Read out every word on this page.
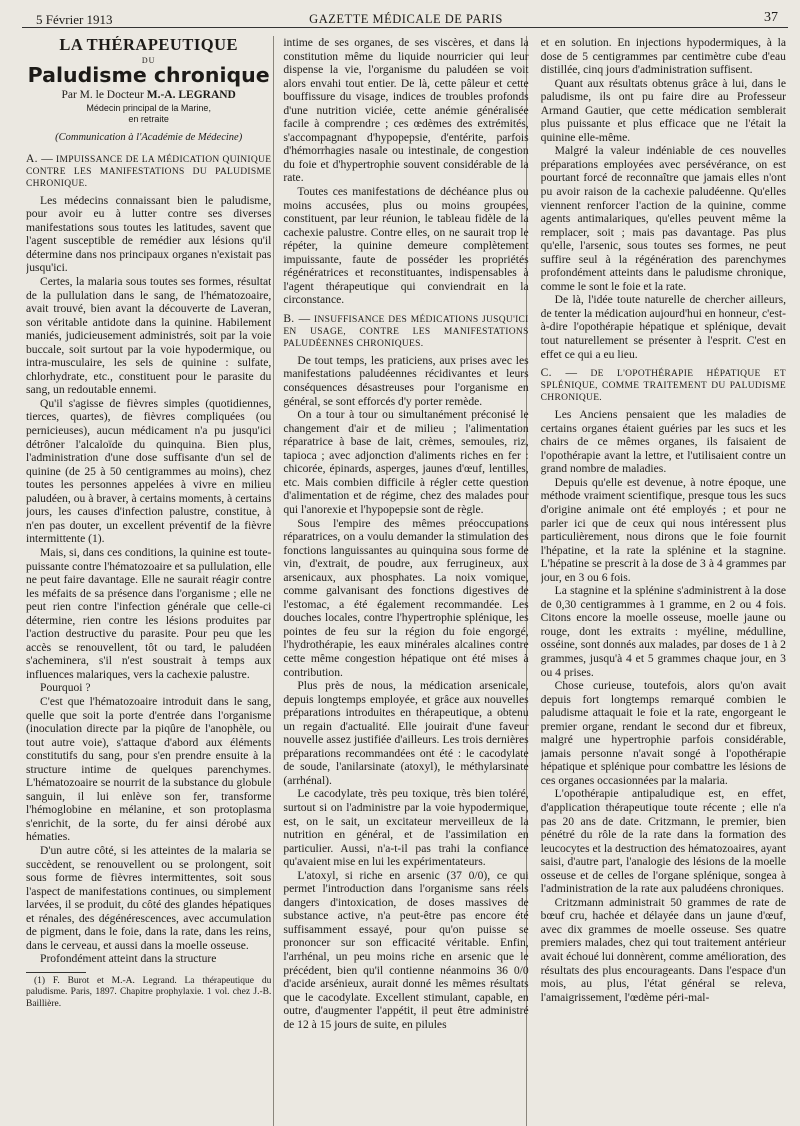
5 Février 1913	GAZETTE MÉDICALE DE PARIS	37
LA THÉRAPEUTIQUE
DU
Paludisme chronique
Par M. le Docteur M.-A. LEGRAND
Médecin principal de la Marine,
en retraite
(Communication à l'Académie de Médecine)
A. — IMPUISSANCE DE LA MÉDICATION QUINIQUE CONTRE LES MANIFESTATIONS DU PALUDISME CHRONIQUE.

Les médecins connaissant bien le paludisme, pour avoir eu à lutter contre ses diverses manifestations sous toutes les latitudes, savent que l'agent susceptible de remédier aux lésions qu'il détermine dans nos principaux organes n'existait pas jusqu'ici.

Certes, la malaria sous toutes ses formes, résultat de la pullulation dans le sang, de l'hématozoaire, avait trouvé, bien avant la découverte de Laveran, son véritable antidote dans la quinine. Habilement maniés, judicieusement administrés, soit par la voie buccale, soit surtout par la voie hypodermique, ou intra-musculaire, les sels de quinine : sulfate, chlorhydrate, etc., constituent pour le parasite du sang, un redoutable ennemi.

Qu'il s'agisse de fièvres simples (quotidiennes, tierces, quartes), de fièvres compliquées (ou pernicieuses), aucun médicament n'a pu jusqu'ici détrôner l'alcaloïde du quinquina. Bien plus, l'administration d'une dose suffisante d'un sel de quinine (de 25 à 50 centigrammes au moins), chez toutes les personnes appelées à vivre en milieu paludéen, ou à braver, à certains moments, à certains jours, les causes d'infection palustre, constitue, à n'en pas douter, un excellent préventif de la fièvre intermittente (1).

Mais, si, dans ces conditions, la quinine est toute-puissante contre l'hématozoaire et sa pullulation, elle ne peut faire davantage. Elle ne saurait réagir contre les méfaits de sa présence dans l'organisme ; elle ne peut rien contre l'infection générale que celle-ci détermine, rien contre les lésions produites par l'action destructive du parasite. Pour peu que les accès se renouvellent, tôt ou tard, le paludéen s'acheminera, s'il n'est soustrait à temps aux influences malariques, vers la cachexie palustre.

Pourquoi ?

C'est que l'hématozoaire introduit dans le sang, quelle que soit la porte d'entrée dans l'organisme (inoculation directe par la piqûre de l'anophèle, ou tout autre voie), s'attaque d'abord aux éléments constitutifs du sang, pour s'en prendre ensuite à la structure intime de quelques parenchymes. L'hématozoaire se nourrit de la substance du globule sanguin, il lui enlève son fer, transforme l'hémoglobine en mélanine, et son protoplasma s'enrichit, de la sorte, du fer ainsi dérobé aux hématies.

D'un autre côté, si les atteintes de la malaria se succèdent, se renouvellent ou se prolongent, soit sous forme de fièvres intermittentes, soit sous l'aspect de manifestations continues, ou simplement larvées, il se produit, du côté des glandes hépatiques et rénales, des dégénérescences, avec accumulation de pigment, dans le foie, dans la rate, dans les reins, dans le cerveau, et aussi dans la moelle osseuse.

Profondément atteint dans la structure

(1) F. Burot et M.-A. Legrand. La thérapeutique du paludisme. Paris, 1897. Chapitre prophylaxie. 1 vol. chez J.-B. Baillière.

intime de ses organes, de ses viscères, et dans la constitution même du liquide nourricier qui leur dispense la vie, l'organisme du paludéen se voit alors envahi tout entier. De là, cette pâleur et cette bouffissure du visage, indices de troubles profonds d'une nutrition viciée, cette anémie généralisée facile à comprendre ; ces œdèmes des extrémités, s'accompagnant d'hypopepsie, d'entérite, parfois d'hémorrhagies nasale ou intestinale, de congestion du foie et d'hypertrophie souvent considérable de la rate.

Toutes ces manifestations de déchéance plus ou moins accusées, plus ou moins groupées, constituent, par leur réunion, le tableau fidèle de la cachexie palustre. Contre elles, on ne saurait trop le répéter, la quinine demeure complètement impuissante, faute de posséder les propriétés régénératrices et reconstituantes, indispensables à l'agent thérapeutique qui conviendrait en la circonstance.

B. — INSUFFISANCE DES MÉDICATIONS JUSQU'ICI EN USAGE, CONTRE LES MANIFESTATIONS PALUDÉENNES CHRONIQUES.

De tout temps, les praticiens, aux prises avec les manifestations paludéennes récidivantes et leurs conséquences désastreuses pour l'organisme en général, se sont efforcés d'y porter remède.

On a tour à tour ou simultanément préconisé le changement d'air et de milieu ; l'alimentation réparatrice à base de lait, crèmes, semoules, riz, tapioca ; avec adjonction d'aliments riches en fer : chicorée, épinards, asperges, jaunes d'œuf, lentilles, etc. Mais combien difficile à régler cette question d'alimentation et de régime, chez des malades pour qui l'anorexie et l'hypopepsie sont de règle.

Sous l'empire des mêmes préoccupations réparatrices, on a voulu demander la stimulation des fonctions languissantes au quinquina sous forme de vin, d'extrait, de poudre, aux ferrugineux, aux arsenicaux, aux phosphates. La noix vomique, comme galvanisant des fonctions digestives de l'estomac, a été également recommandée. Les douches locales, contre l'hypertrophie splénique, les pointes de feu sur la région du foie engorgé, l'hydrothérapie, les eaux minérales alcalines contre cette même congestion hépatique ont été mises à contribution.

Plus près de nous, la médication arsenicale, depuis longtemps employée, et grâce aux nouvelles préparations introduites en thérapeutique, a obtenu un regain d'actualité. Elle jouirait d'une faveur nouvelle assez justifiée d'ailleurs. Les trois dernières préparations recommandées ont été : le cacodylate de soude, l'anilarsinate (atoxyl), le méthylarsinate (arrhénal).

Le cacodylate, très peu toxique, très bien toléré, surtout si on l'administre par la voie hypodermique, est, on le sait, un excitateur merveilleux de la nutrition en général, et de l'assimilation en particulier. Aussi, n'a-t-il pas trahi la confiance qu'avaient mise en lui les expérimentateurs.

L'atoxyl, si riche en arsenic (37 0/0), ce qui permet l'introduction dans l'organisme sans réels dangers d'intoxication, de doses massives de substance active, n'a peut-être pas encore été suffisamment essayé, pour qu'on puisse se prononcer sur son efficacité véritable. Enfin, l'arrhénal, un peu moins riche en arsenic que le précédent, bien qu'il contienne néanmoins 36 0/0 d'acide arsénieux, aurait donné les mêmes résultats que le cacodylate. Excellent stimulant, capable, en outre, d'augmenter l'appétit, il peut être administré de 12 à 15 jours de suite, en pilules

et en solution. En injections hypodermiques, à la dose de 5 centigrammes par centimètre cube d'eau distillée, cinq jours d'administration suffisent.

Quant aux résultats obtenus grâce à lui, dans le paludisme, ils ont pu faire dire au Professeur Armand Gautier, que cette médication semblerait plus puissante et plus efficace que ne l'était la quinine elle-même.

Malgré la valeur indéniable de ces nouvelles préparations employées avec persévérance, on est pourtant forcé de reconnaître que jamais elles n'ont pu avoir raison de la cachexie paludéenne. Qu'elles viennent renforcer l'action de la quinine, comme agents antimalariques, qu'elles peuvent même la remplacer, soit ; mais pas davantage. Pas plus qu'elle, l'arsenic, sous toutes ses formes, ne peut suffire seul à la régénération des parenchymes profondément atteints dans le paludisme chronique, comme le sont le foie et la rate.

De là, l'idée toute naturelle de chercher ailleurs, de tenter la médication aujourd'hui en honneur, c'est-à-dire l'opothérapie hépatique et splénique, devait tout naturellement se présenter à l'esprit. C'est en effet ce qui a eu lieu.

C. — DE L'OPOTHÉRAPIE HÉPATIQUE ET SPLÉNIQUE, COMME TRAITEMENT DU PALUDISME CHRONIQUE.

Les Anciens pensaient que les maladies de certains organes étaient guéries par les sucs et les chairs de ce mêmes organes, ils faisaient de l'opothérapie avant la lettre, et l'utilisaient contre un grand nombre de maladies.

Depuis qu'elle est devenue, à notre époque, une méthode vraiment scientifique, presque tous les sucs d'origine animale ont été employés ; et pour ne parler ici que de ceux qui nous intéressent plus particulièrement, nous dirons que le foie fournit l'hépatine, et la rate la splénine et la stagnine. L'hépatine se prescrit à la dose de 3 à 4 grammes par jour, en 3 ou 6 fois.

La stagnine et la splénine s'administrent à la dose de 0,30 centigrammes à 1 gramme, en 2 ou 4 fois. Citons encore la moelle osseuse, moelle jaune ou rouge, dont les extraits : myéline, médulline, osséine, sont donnés aux malades, par doses de 1 à 2 grammes, jusqu'à 4 et 5 grammes chaque jour, en 3 ou 4 prises.

Chose curieuse, toutefois, alors qu'on avait depuis fort longtemps remarqué combien le paludisme attaquait le foie et la rate, engorgeant le premier organe, rendant le second dur et fibreux, malgré une hypertrophie parfois considérable, jamais personne n'avait songé à l'opothérapie hépatique et splénique pour combattre les lésions de ces organes occasionnées par la malaria.

L'opothérapie antipaludique est, en effet, d'application thérapeutique toute récente ; elle n'a pas 20 ans de date. Critzmann, le premier, bien pénétré du rôle de la rate dans la formation des leucocytes et la destruction des hématozoaires, ayant saisi, d'autre part, l'analogie des lésions de la moelle osseuse et de celles de l'organe splénique, songea à l'administration de la rate aux paludéens chroniques.

Critzmann administrait 50 grammes de rate de bœuf cru, hachée et délayée dans un jaune d'œuf, avec dix grammes de moelle osseuse. Ses quatre premiers malades, chez qui tout traitement antérieur avait échoué lui donnèrent, comme amélioration, des résultats des plus encourageants. Dans l'espace d'un mois, au plus, l'état général se releva, l'amaigrissement, l'œdème péri-mal-
